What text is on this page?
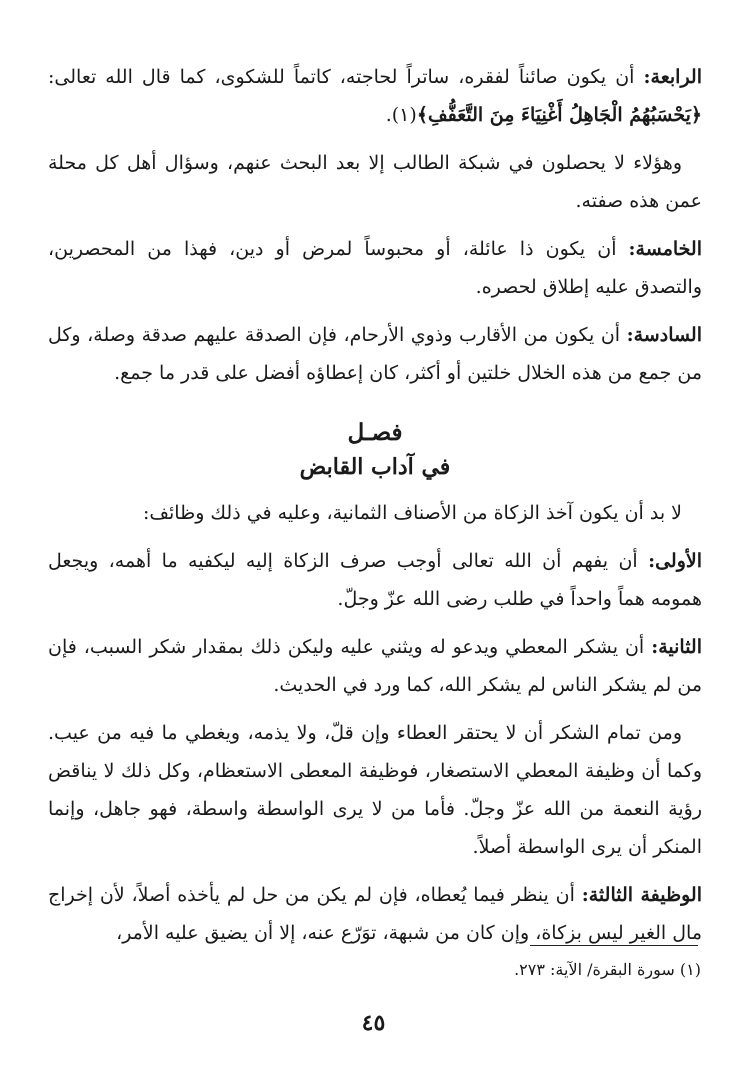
الرابعة: أن يكون صائناً لفقره، ساتراً لحاجته، كاتماً للشكوى، كما قال الله تعالى: ﴿يَحْسَبُهُمُ الْجَاهِلُ أَغْنِيَاءَ مِنَ التَّعَفُّفِ﴾(١).

وهؤلاء لا يحصلون في شبكة الطالب إلا بعد البحث عنهم، وسؤال أهل كل محلة عمن هذه صفته.

الخامسة: أن يكون ذا عائلة، أو محبوساً لمرض أو دين، فهذا من المحصرين، والتصدق عليه إطلاق لحصره.

السادسة: أن يكون من الأقارب وذوي الأرحام، فإن الصدقة عليهم صدقة وصلة، وكل من جمع من هذه الخلال خلتين أو أكثر، كان إعطاؤه أفضل على قدر ما جمع.

فصـل
في آداب القابض

لا بد أن يكون آخذ الزكاة من الأصناف الثمانية، وعليه في ذلك وظائف:

الأولى: أن يفهم أن الله تعالى أوجب صرف الزكاة إليه ليكفيه ما أهمه، ويجعل همومه هماً واحداً في طلب رضى الله عزّ وجلّ.

الثانية: أن يشكر المعطي ويدعو له ويثني عليه وليكن ذلك بمقدار شكر السبب، فإن من لم يشكر الناس لم يشكر الله، كما ورد في الحديث.

ومن تمام الشكر أن لا يحتقر العطاء وإن قلّ، ولا يذمه، ويغطي ما فيه من عيب. وكما أن وظيفة المعطي الاستصغار، فوظيفة المعطى الاستعظام، وكل ذلك لا يناقض رؤية النعمة من الله عزّ وجلّ. فأما من لا يرى الواسطة واسطة، فهو جاهل، وإنما المنكر أن يرى الواسطة أصلاً.

الوظيفة الثالثة: أن ينظر فيما يُعطاه، فإن لم يكن من حل لم يأخذه أصلاً، لأن إخراج مال الغير ليس بزكاة، وإن كان من شبهة، توَرّع عنه، إلا أن يضيق عليه الأمر،

(١) سورة البقرة/ الآية: ٢٧٣.
٤٥
